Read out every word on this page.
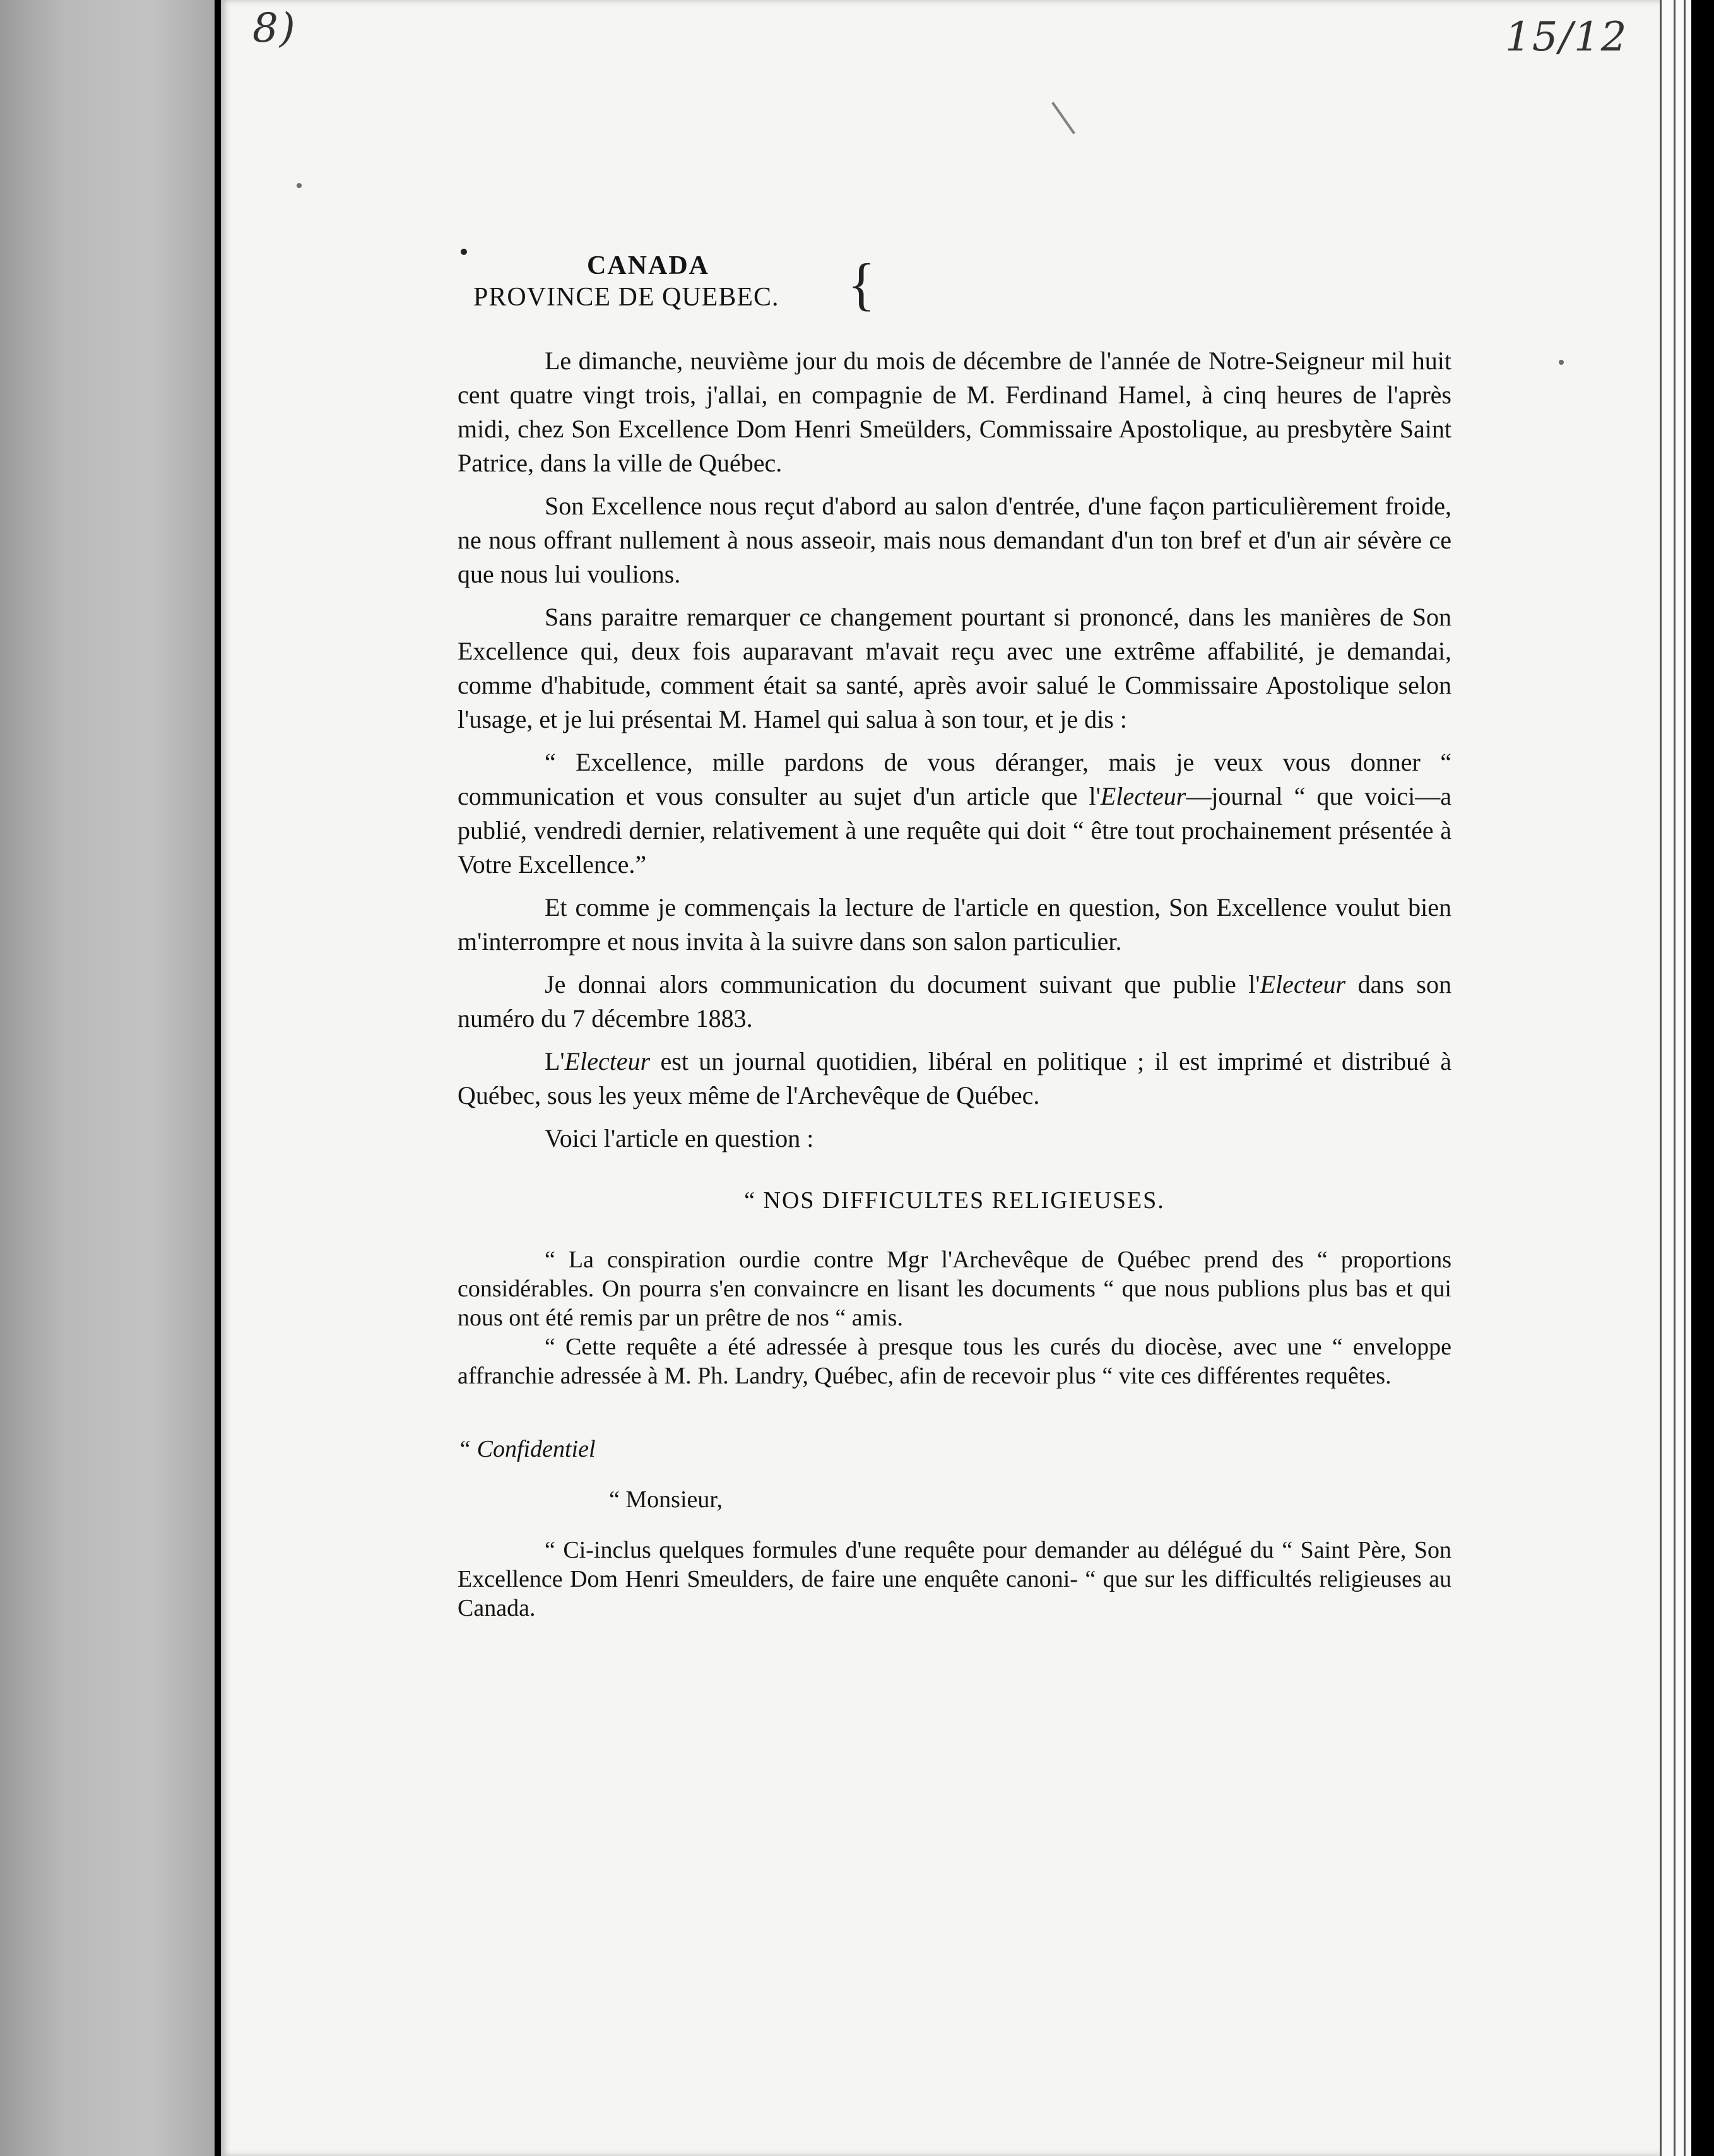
8)	15/12
CANADA
PROVINCE DE QUEBEC. {

Le dimanche, neuvième jour du mois de décembre de l'année de Notre-Seigneur mil huit cent quatre vingt trois, j'allai, en compagnie de M. Ferdinand Hamel, à cinq heures de l'après midi, chez Son Excellence Dom Henri Smeülders, Commissaire Apostolique, au presbytère Saint Patrice, dans la ville de Québec.

Son Excellence nous reçut d'abord au salon d'entrée, d'une façon particulièrement froide, ne nous offrant nullement à nous asseoir, mais nous demandant d'un ton bref et d'un air sévère ce que nous lui voulions.

Sans paraitre remarquer ce changement pourtant si prononcé, dans les manières de Son Excellence qui, deux fois auparavant m'avait reçu avec une extrême affabilité, je demandai, comme d'habitude, comment était sa santé, après avoir salué le Commissaire Apostolique selon l'usage, et je lui présentai M. Hamel qui salua à son tour, et je dis :

“ Excellence, mille pardons de vous déranger, mais je veux vous donner “ communication et vous consulter au sujet d'un article que l'Electeur—journal “ que voici—a publié, vendredi dernier, relativement à une requête qui doit “ être tout prochainement présentée à Votre Excellence.”

Et comme je commençais la lecture de l'article en question, Son Excellence voulut bien m'interrompre et nous invita à la suivre dans son salon particulier.

Je donnai alors communication du document suivant que publie l'Electeur dans son numéro du 7 décembre 1883.

L'Electeur est un journal quotidien, libéral en politique ; il est imprimé et distribué à Québec, sous les yeux même de l'Archevêque de Québec.

Voici l'article en question :

“ NOS DIFFICULTES RELIGIEUSES.

“ La conspiration ourdie contre Mgr l'Archevêque de Québec prend des “ proportions considérables. On pourra s'en convaincre en lisant les documents “ que nous publions plus bas et qui nous ont été remis par un prêtre de nos “ amis.

“ Cette requête a été adressée à presque tous les curés du diocèse, avec une “ enveloppe affranchie adressée à M. Ph. Landry, Québec, afin de recevoir plus “ vite ces différentes requêtes.

“ Confidentiel

“ Monsieur,

“ Ci-inclus quelques formules d'une requête pour demander au délégué du “ Saint Père, Son Excellence Dom Henri Smeulders, de faire une enquête canoni- “ que sur les difficultés religieuses au Canada.
